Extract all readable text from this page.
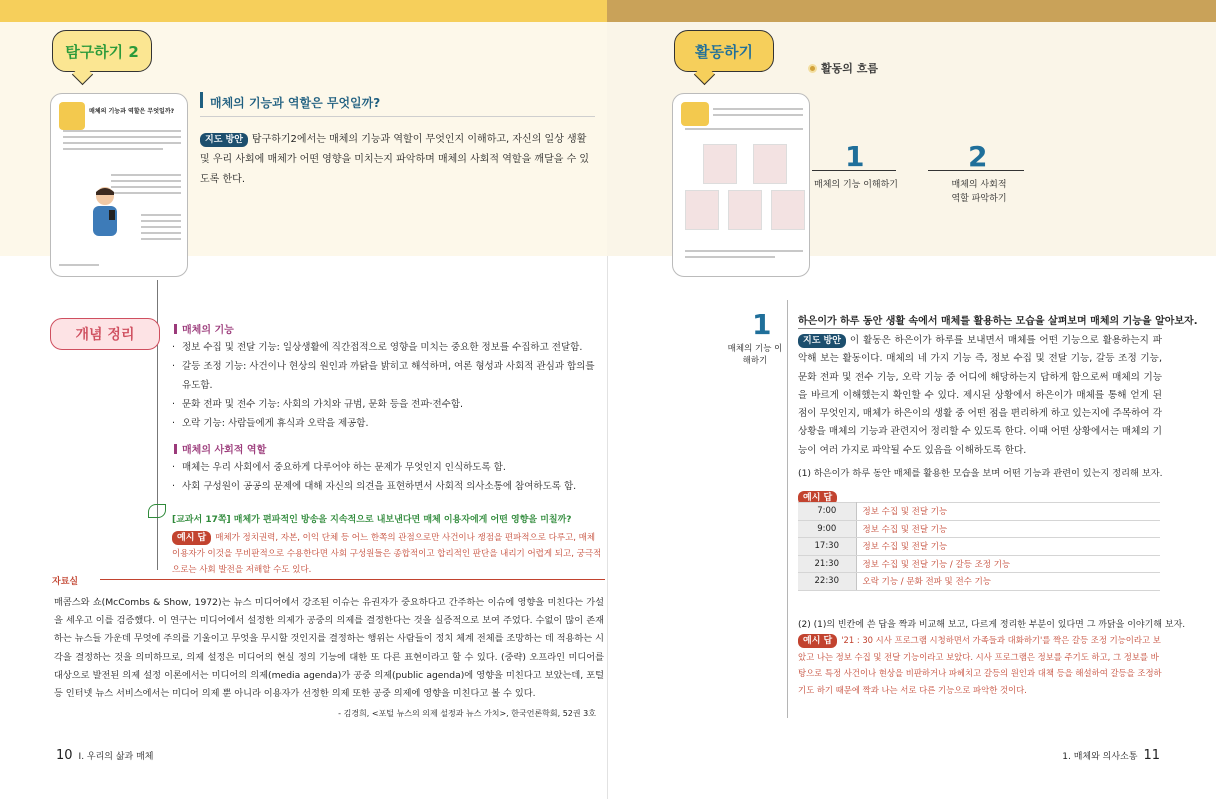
탐구하기 2
매체의 기능과 역할은 무엇일까?
매체의 기능과 역할은 무엇일까?
지도 방안 탐구하기2에서는 매체의 기능과 역할이 무엇인지 이해하고, 자신의 일상 생활 및 우리 사회에 매체가 어떤 영향을 미치는지 파악하며 매체의 사회적 역할을 깨달을 수 있도록 한다.
활동하기
활동의 흐름
1	2
매체의 기능 이해하기	매체의 사회적 역할 파악하기
개념 정리	매체의 기능
· 정보 수집 및 전달 기능: 일상생활에 직간접적으로 영향을 미치는 중요한 정보를 수집하고 전달함.
· 갈등 조정 기능: 사건이나 현상의 원인과 까닭을 밝히고 해석하며, 여론 형성과 사회적 관심과 합의를 유도함.
· 문화 전파 및 전수 기능: 사회의 가치와 규범, 문화 등을 전파·전수함.
· 오락 기능: 사람들에게 휴식과 오락을 제공함.
매체의 사회적 역할
· 매체는 우리 사회에서 중요하게 다루어야 하는 문제가 무엇인지 인식하도록 함.
· 사회 구성원이 공공의 문제에 대해 자신의 의견을 표현하면서 사회적 의사소통에 참여하도록 함.
[교과서 17쪽] 매체가 편파적인 방송을 지속적으로 내보낸다면 매체 이용자에게 어떤 영향을 미칠까?
예시 답 매체가 정치권력, 자본, 이익 단체 등 어느 한쪽의 관점으로만 사건이나 쟁점을 편파적으로 다루고, 매체 이용자가 이것을 무비판적으로 수용한다면 사회 구성원들은 종합적이고 합리적인 판단을 내리기 어렵게 되고, 궁극적으로는 사회 발전을 저해할 수도 있다.
자료실
매콤스와 쇼(McCombs & Show, 1972)는 뉴스 미디어에서 강조된 이슈는 유권자가 중요하다고 간주하는 이슈에 영향을 미친다는 가설을 세우고 이를 검증했다. 이 연구는 미디어에서 설정한 의제가 공중의 의제를 결정한다는 것을 실증적으로 보여 주었다. 수없이 많이 존재하는 뉴스들 가운데 무엇에 주의를 기울이고 무엇을 무시할 것인지를 결정하는 행위는 사람들이 정치 체계 전체를 조망하는 데 적용하는 시각을 결정하는 것을 의미하므로, 의제 설정은 미디어의 현실 정의 기능에 대한 또 다른 표현이라고 할 수 있다. (중략) 오프라인 미디어를 대상으로 발전된 의제 설정 이론에서는 미디어의 의제(media agenda)가 공중 의제(public agenda)에 영향을 미친다고 보았는데, 포털 등 인터넷 뉴스 서비스에서는 미디어 의제 뿐 아니라 이용자가 선정한 의제 또한 공중 의제에 영향을 미친다고 볼 수 있다.
- 김경희, <포털 뉴스의 의제 설정과 뉴스 가치>, 한국언론학회, 52권 3호
1
매체의 기능 이해하기
하은이가 하루 동안 생활 속에서 매체를 활용하는 모습을 살펴보며 매체의 기능을 알아보자.
지도 방안 이 활동은 하은이가 하루를 보내면서 매체를 어떤 기능으로 활용하는지 파악해 보는 활동이다. 매체의 네 가지 기능 즉, 정보 수집 및 전달 기능, 갈등 조정 기능, 문화 전파 및 전수 기능, 오락 기능 중 어디에 해당하는지 답하게 함으로써 매체의 기능을 바르게 이해했는지 확인할 수 있다. 제시된 상황에서 하은이가 매체를 통해 얻게 된 점이 무엇인지, 매체가 하은이의 생활 중 어떤 점을 편리하게 하고 있는지에 주목하여 각 상황을 매체의 기능과 관련지어 정리할 수 있도록 한다. 이때 어떤 상황에서는 매체의 기능이 여러 가지로 파악될 수도 있음을 이해하도록 한다.
(1) 하은이가 하루 동안 매체를 활용한 모습을 보며 어떤 기능과 관련이 있는지 정리해 보자.
예시 답
7:00	정보 수집 및 전달 기능
9:00	정보 수집 및 전달 기능
17:30	정보 수집 및 전달 기능
21:30	정보 수집 및 전달 기능 / 갈등 조정 기능
22:30	오락 기능 / 문화 전파 및 전수 기능
(2) (1)의 빈칸에 쓴 답을 짝과 비교해 보고, 다르게 정리한 부분이 있다면 그 까닭을 이야기해 보자.
예시 답 '21 : 30 시사 프로그램 시청하면서 가족들과 대화하기'를 짝은 갈등 조정 기능이라고 보았고 나는 정보 수집 및 전달 기능이라고 보았다. 시사 프로그램은 정보를 주기도 하고, 그 정보를 바탕으로 특정 사건이나 현상을 비판하거나 파헤치고 갈등의 원인과 대책 등을 해설하여 갈등을 조정하기도 하기 때문에 짝과 나는 서로 다른 기능으로 파악한 것이다.
10 I. 우리의 삶과 매체	1. 매체와 의사소통 11
